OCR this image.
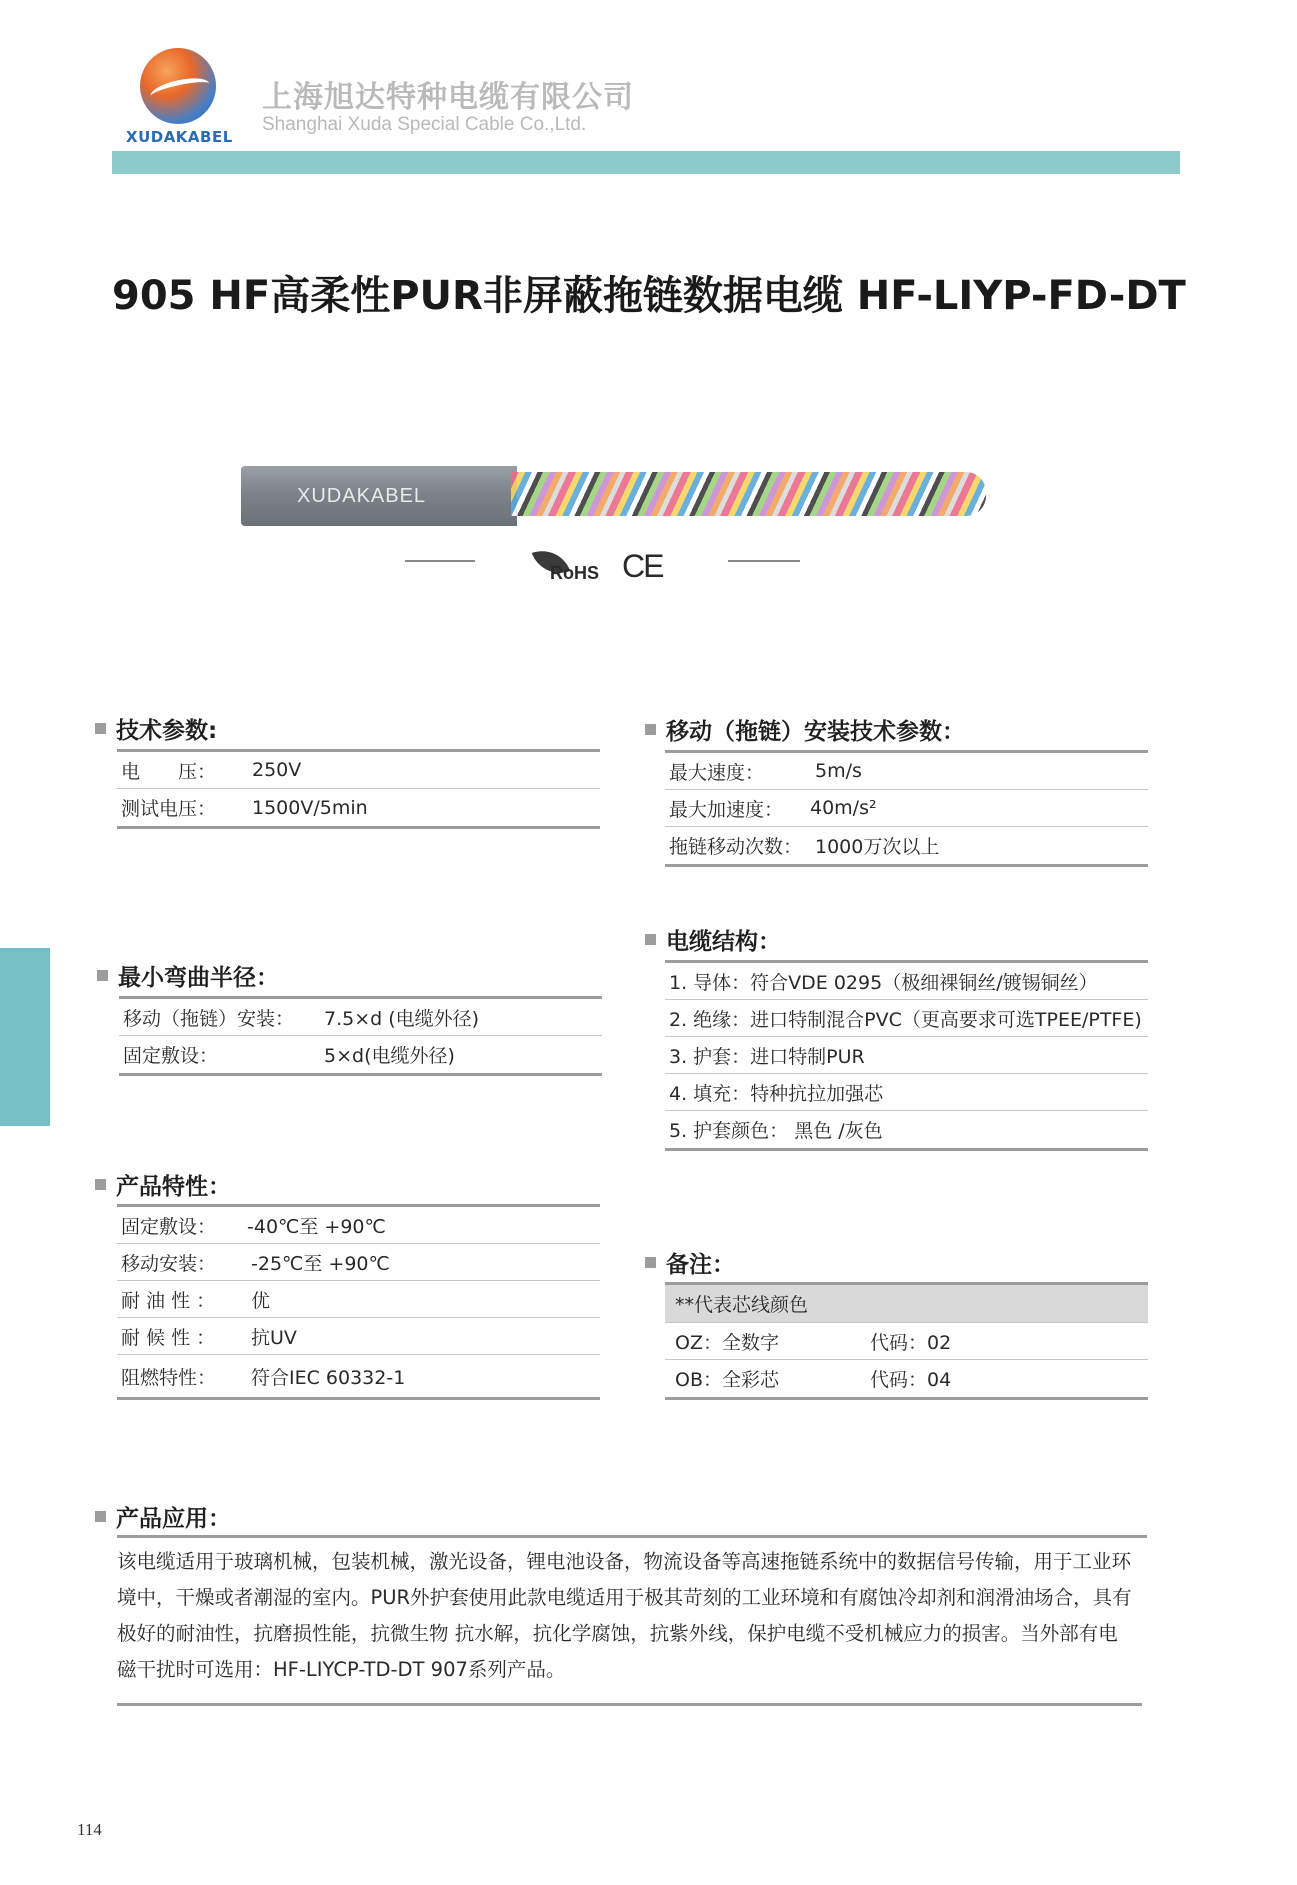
XUDAKABEL
上海旭达特种电缆有限公司
Shanghai Xuda Special Cable Co.,Ltd.
905 HF高柔性PUR非屏蔽拖链数据电缆 HF-LIYP-FD-DT
XUDAKABEL
RoHS CE
技术参数:
电　　压：	250V
测试电压：	1500V/5min
移动（拖链）安装技术参数：
最大速度：	5m/s
最大加速度：	40m/s²
拖链移动次数： 1000万次以上
最小弯曲半径：
移动（拖链）安装：	7.5×d (电缆外径)
固定敷设：	5×d(电缆外径)
电缆结构：
1. 导体：符合VDE 0295（极细裸铜丝/镀锡铜丝）
2. 绝缘：进口特制混合PVC（更高要求可选TPEE/PTFE)
3. 护套：进口特制PUR
4. 填充：特种抗拉加强芯
5. 护套颜色： 黑色 /灰色
产品特性：
固定敷设：	-40℃至 +90℃
移动安装：	-25℃至 +90℃
耐 油 性 ：	优
耐 候 性 ：	抗UV
阻燃特性：	符合IEC 60332-1
备注：
**代表芯线颜色
OZ：全数字	代码：02
OB：全彩芯	代码：04
产品应用：
该电缆适用于玻璃机械，包装机械，激光设备，锂电池设备，物流设备等高速拖链系统中的数据信号传输，用于工业环境中，干燥或者潮湿的室内。PUR外护套使用此款电缆适用于极其苛刻的工业环境和有腐蚀冷却剂和润滑油场合，具有极好的耐油性，抗磨损性能，抗微生物 抗水解，抗化学腐蚀，抗紫外线，保护电缆不受机械应力的损害。当外部有电磁干扰时可选用：HF-LIYCP-TD-DT 907系列产品。
114
